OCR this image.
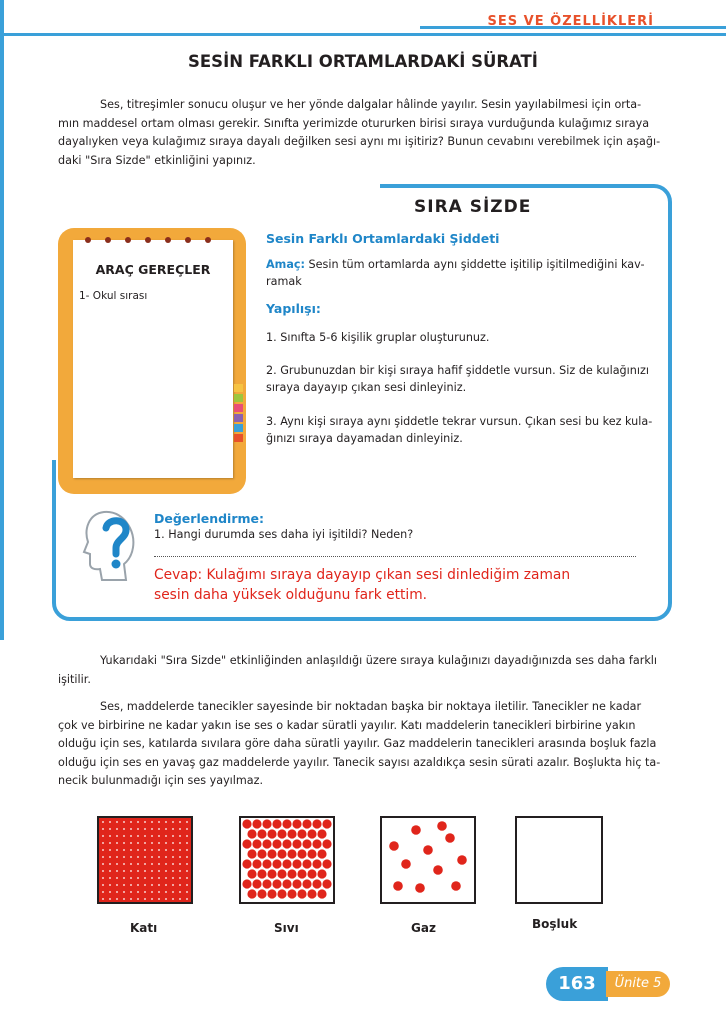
SES VE ÖZELLİKLERİ
SESİN FARKLI ORTAMLARDAKİ SÜRATİ
Ses, titreşimler sonucu oluşur ve her yönde dalgalar hâlinde yayılır. Sesin yayılabilmesi için orta-
mın maddesel ortam olması gerekir. Sınıfta yerimizde otururken birisi sıraya vurduğunda kulağımız sıraya
dayalıyken veya kulağımız sıraya dayalı değilken sesi aynı mı işitiriz? Bunun cevabını verebilmek için aşağı-
daki "Sıra Sizde" etkinliğini yapınız.
SIRA SİZDE
ARAÇ GEREÇLER
1- Okul sırası
Sesin Farklı Ortamlardaki Şiddeti
Amaç: Sesin tüm ortamlarda aynı şiddette işitilip işitilmediğini kav-
ramak
Yapılışı:
1. Sınıfta 5-6 kişilik gruplar oluşturunuz.
2. Grubunuzdan bir kişi sıraya hafif şiddetle vursun. Siz de kulağınızı
sıraya dayayıp çıkan sesi dinleyiniz.
3. Aynı kişi sıraya aynı şiddetle tekrar vursun. Çıkan sesi bu kez kula-
ğınızı sıraya dayamadan dinleyiniz.
Değerlendirme:
1. Hangi durumda ses daha iyi işitildi? Neden?
Cevap: Kulağımı sıraya dayayıp çıkan sesi dinlediğim zaman
sesin daha yüksek olduğunu fark ettim.
Yukarıdaki "Sıra Sizde" etkinliğinden anlaşıldığı üzere sıraya kulağınızı dayadığınızda ses daha farklı
işitilir.
Ses, maddelerde tanecikler sayesinde bir noktadan başka bir noktaya iletilir. Tanecikler ne kadar
çok ve birbirine ne kadar yakın ise ses o kadar süratli yayılır. Katı maddelerin tanecikleri birbirine yakın
olduğu için ses, katılarda sıvılara göre daha süratli yayılır. Gaz maddelerin tanecikleri arasında boşluk fazla
olduğu için ses en yavaş gaz maddelerde yayılır. Tanecik sayısı azaldıkça sesin sürati azalır. Boşlukta hiç ta-
necik bulunmadığı için ses yayılmaz.
Katı	Sıvı	Gaz	Boşluk
163	Ünite 5
